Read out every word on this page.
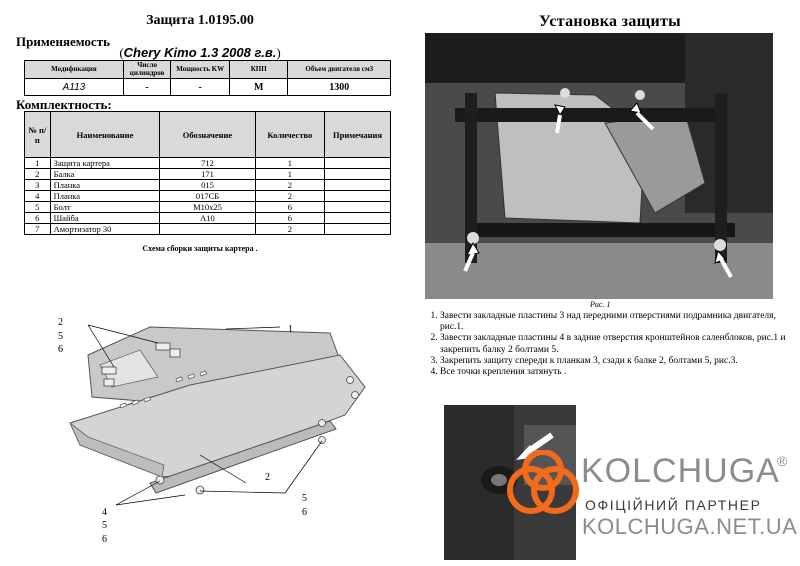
Защита 1.0195.00	Установка защиты
Применяемость
(Chery Kimo 1.3 2008 г.в.)
Модификация	Число цилиндров	Мощность KW	КПП	Объем двигателя см3
A113	-	-	M	1300
Комплектность:
№ п/п	Наименование	Обозначение	Количество	Примечания
1	Защита картера	712	1	
2	Балка	171	1	
3	Планка	015	2	
4	Планка	017СБ	2	
5	Болт	М10х25	6	
6	Шайба	А10	6	
7	Амортизатор 30		2	
Схема сборки защиты картера .
1
2
5
6
2
5
6
4
5
6
Рис. 1
1. Завести закладные пластины 3 над передними отверстиями подрамника двигателя, рис.1.
2. Завести закладные пластины 4 в задние отверстия кронштейнов саленблоков, рис.1 и закрепить балку 2 болтами 5.
3. Закрепить защиту спереди к планкам 3, сзади к балке 2, болтами 5, рис.3.
4. Все точки крепления затянуть .
KOLCHUGA
®
ОФІЦІЙНИЙ ПАРТНЕР
KOLCHUGA.NET.UA
